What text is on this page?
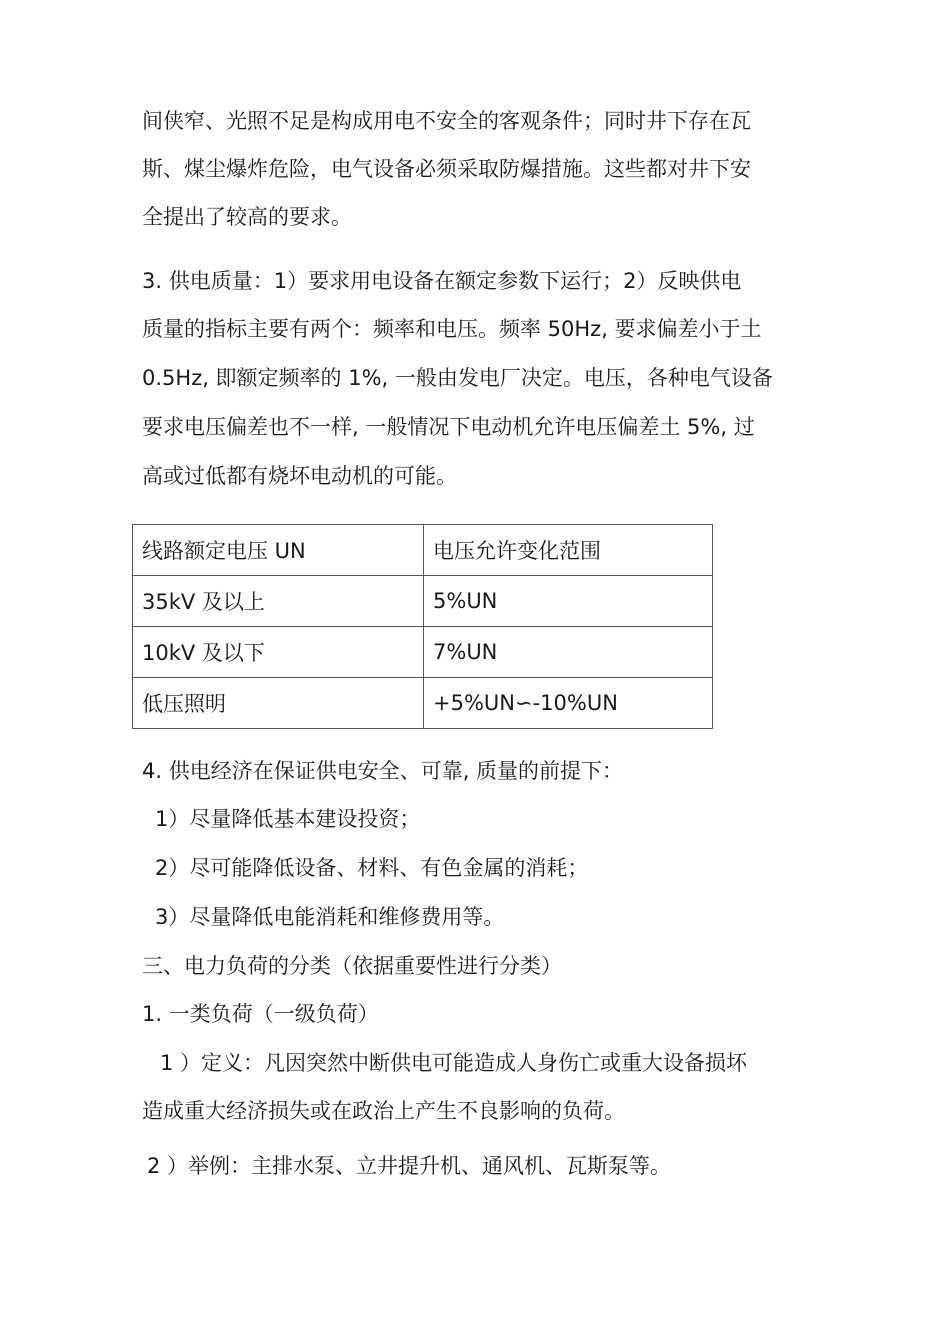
间侠窄、光照不足是构成用电不安全的客观条件；同时井下存在瓦
斯、煤尘爆炸危险，电气设备必须采取防爆措施。这些都对井下安
全提出了较高的要求。
3. 供电质量：1）要求用电设备在额定参数下运行；2）反映供电
质量的指标主要有两个：频率和电压。频率 50Hz, 要求偏差小于土
0.5Hz, 即额定频率的 1%, 一般由发电厂决定。电压，各种电气设备
要求电压偏差也不一样, 一般情况下电动机允许电压偏差土 5%, 过
高或过低都有烧坏电动机的可能。
线路额定电压 UN	电压允许变化范围
35kV 及以上	5%UN
10kV 及以下	7%UN
低压照明	+5%UN∽-10%UN
4. 供电经济在保证供电安全、可靠, 质量的前提下：
1）尽量降低基本建设投资；
2）尽可能降低设备、材料、有色金属的消耗；
3）尽量降低电能消耗和维修费用等。
三、电力负荷的分类（依据重要性进行分类）
1. 一类负荷（一级负荷）
1 ）定义：凡因突然中断供电可能造成人身伤亡或重大设备损坏
造成重大经济损失或在政治上产生不良影响的负荷。
2 ）举例：主排水泵、立井提升机、通风机、瓦斯泵等。
